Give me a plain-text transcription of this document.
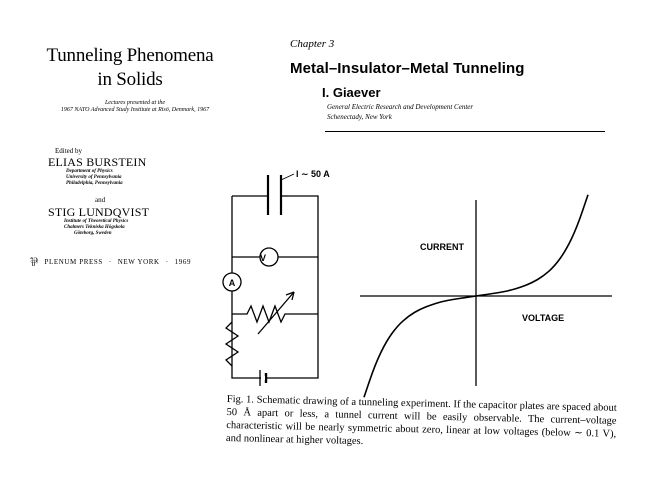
Tunneling Phenomena
in Solids
Lectures presented at the
1967 NATO Advanced Study Institute at Risö, Denmark, 1967
Edited by
ELIAS BURSTEIN
Department of Physics
University of Pennsylvania
Philadelphia, Pennsylvania
and
STIG LUNDQVIST
Institute of Theoretical Physics
Chalmers Tekniska Högskola
Göteborg, Sweden
⅌ PLENUM PRESS · NEW YORK · 1969
Chapter 3
Metal–Insulator–Metal Tunneling
I. Giaever
General Electric Research and Development Center
Schenectady, New York
V
A
l ∼ 50 A
CURRENT
VOLTAGE
Fig. 1. Schematic drawing of a tunneling experiment. If the capacitor plates are spaced about 50 Å apart or less, a tunnel current will be easily observable. The current–voltage characteristic will be nearly symmetric about zero, linear at low voltages (below ∼ 0.1 V), and nonlinear at higher voltages.
